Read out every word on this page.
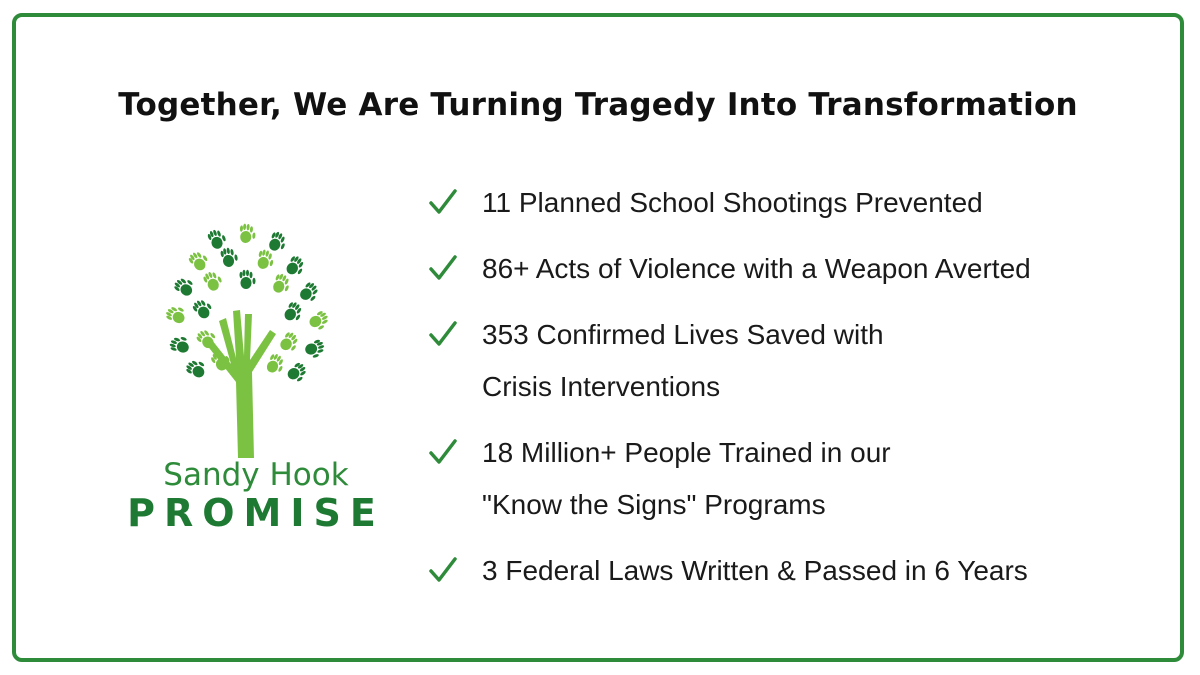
Together, We Are Turning Tragedy Into Transformation
Sandy Hook
PROMISE
11 Planned School Shootings Prevented
86+ Acts of Violence with a Weapon Averted
353 Confirmed Lives Saved with
Crisis Interventions
18 Million+ People Trained in our
"Know the Signs" Programs
3 Federal Laws Written & Passed in 6 Years
